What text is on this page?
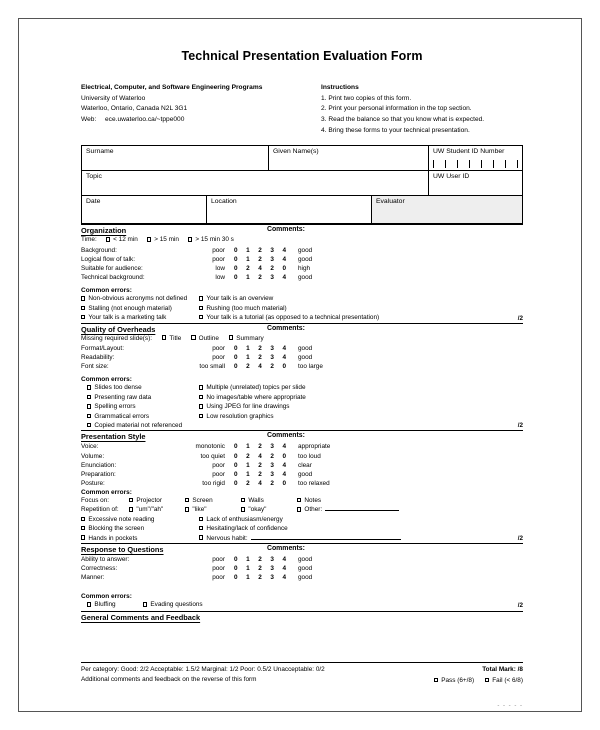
Technical Presentation Evaluation Form
Electrical, Computer, and Software Engineering Programs
University of Waterloo
Waterloo, Ontario, Canada N2L 3G1
Web: ece.uwaterloo.ca/~tppe000
Instructions
1. Print two copies of this form.
2. Print your personal information in the top section.
3. Read the balance so that you know what is expected.
4. Bring these forms to your technical presentation.
Surname	Given Name(s)	UW Student ID Number
Topic	UW User ID
Date	Location	Evaluator
Organization	Comments:
Time:	< 12 min	> 15 min	> 15 min 30 s
Background:	poor 0 1 2 3 4	good
Logical flow of talk:	poor 0 1 2 3 4	good
Suitable for audience:	low 0 2 4 2 0	high
Technical background:	low 0 1 2 3 4	good
Common errors:
Non-obvious acronyms not defined	Your talk is an overview
Stalling (not enough material)	Rushing (too much material)
Your talk is a marketing talk	Your talk is a tutorial (as opposed to a technical presentation)	/2
Quality of Overheads	Comments:
Missing required slide(s):	Title	Outline	Summary
Format/Layout:	poor 0 1 2 3 4	good
Readability:	poor 0 1 2 3 4	good
Font size:	too small 0 2 4 2 0	too large
Common errors:
Slides too dense	Multiple (unrelated) topics per slide
Presenting raw data	No images/table where appropriate
Spelling errors	Using JPEG for line drawings
Grammatical errors	Low resolution graphics
Copied material not referenced	/2
Presentation Style	Comments:
Voice:	monotonic 0 1 2 3 4	appropriate
Volume:	too quiet 0 2 4 2 0	too loud
Enunciation:	poor 0 1 2 3 4	clear
Preparation:	poor 0 1 2 3 4	good
Posture:	too rigid 0 2 4 2 0	too relaxed
Common errors:
Focus on:	Projector	Screen	Walls	Notes
Repetition of:	"um"/"ah"	"like"	"okay"	Other:
Excessive note reading	Lack of enthusiasm/energy
Blocking the screen	Hesitating/lack of confidence
Hands in pockets	Nervous habit:	/2
Response to Questions	Comments:
Ability to answer:	poor 0 1 2 3 4	good
Correctness:	poor 0 1 2 3 4	good
Manner:	poor 0 1 2 3 4	good
Common errors:
Bluffing	Evading questions	/2
General Comments and Feedback
Per category: Good: 2/2 Acceptable: 1.5/2 Marginal: 1/2 Poor: 0.5/2 Unacceptable: 0/2
Additional comments and feedback on the reverse of this form
Total Mark: /8
Pass (6+/8)	Fail (< 6/8)
- - - - -
